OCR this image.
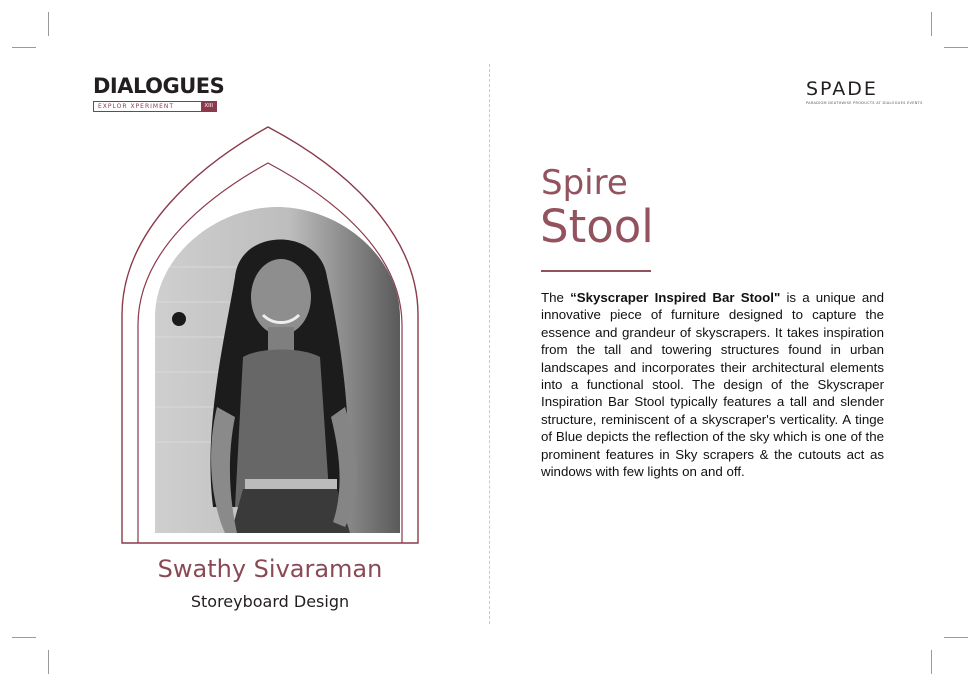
DIALOGUES
EXPLOR XPERIMENT	XIII
SPADE
PARADIGM DEATHWISE PRODUCTS AT DIALOGUES EVENTS
Swathy Sivaraman
Storeyboard Design
Spire
Stool

The “Skyscraper Inspired Bar Stool" is a unique and innovative piece of furniture designed to capture the essence and grandeur of skyscrapers. It takes inspiration from the tall and towering structures found in urban landscapes and incorporates their architectural elements into a functional stool. The design of the Skyscraper Inspiration Bar Stool typically features a tall and slender structure, reminiscent of a skyscraper's verticality. A tinge of Blue depicts the reflection of the sky which is one of the prominent features in Sky scrapers & the cutouts act as windows with few lights on and off.
